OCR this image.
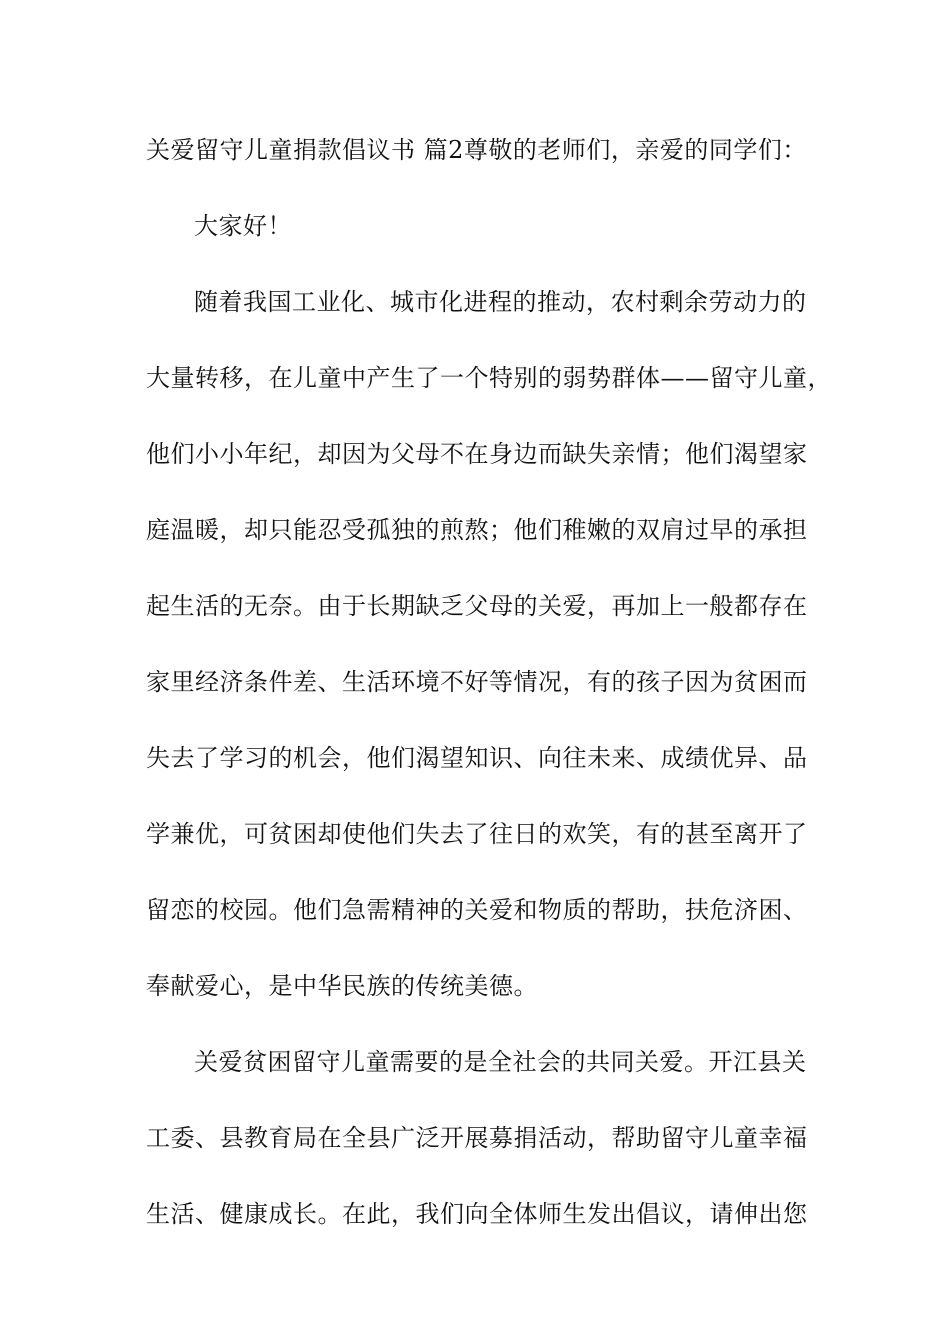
关爱留守儿童捐款倡议书 篇2尊敬的老师们，亲爱的同学们：
大家好！
随着我国工业化、城市化进程的推动，农村剩余劳动力的
大量转移，在儿童中产生了一个特别的弱势群体——留守儿童，
他们小小年纪，却因为父母不在身边而缺失亲情；他们渴望家
庭温暖，却只能忍受孤独的煎熬；他们稚嫩的双肩过早的承担
起生活的无奈。由于长期缺乏父母的关爱，再加上一般都存在
家里经济条件差、生活环境不好等情况，有的孩子因为贫困而
失去了学习的机会，他们渴望知识、向往未来、成绩优异、品
学兼优，可贫困却使他们失去了往日的欢笑，有的甚至离开了
留恋的校园。他们急需精神的关爱和物质的帮助，扶危济困、
奉献爱心，是中华民族的传统美德。
关爱贫困留守儿童需要的是全社会的共同关爱。开江县关
工委、县教育局在全县广泛开展募捐活动，帮助留守儿童幸福
生活、健康成长。在此，我们向全体师生发出倡议，请伸出您
